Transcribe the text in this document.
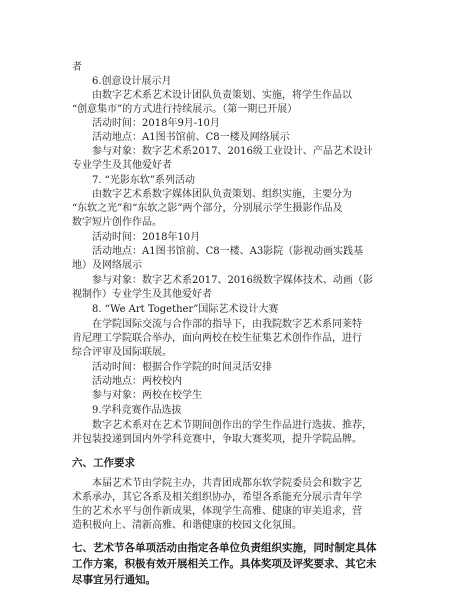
者
6.创意设计展示月
由数字艺术系艺术设计团队负责策划、实施，将学生作品以
“创意集市”的方式进行持续展示。（第一期已开展）
活动时间：2018年9月-10月
活动地点：A1图书馆前、C8一楼及网络展示
参与对象：数字艺术系2017、2016级工业设计、产品艺术设计
专业学生及其他爱好者
7. “光影东软”系列活动
由数字艺术系数字媒体团队负责策划、组织实施，主要分为
“东软之光”和“东软之影”两个部分，分别展示学生摄影作品及
数字短片创作作品。
活动时间：2018年10月
活动地点：A1图书馆前、C8一楼、A3影院（影视动画实践基
地）及网络展示
参与对象：数字艺术系2017、2016级数字媒体技术、动画（影
视制作）专业学生及其他爱好者
8. “We Art Together”国际艺术设计大赛
在学院国际交流与合作部的指导下，由我院数字艺术系同莱特
肯尼理工学院联合举办，面向两校在校生征集艺术创作作品，进行
综合评审及国际联展。
活动时间：根据合作学院的时间灵活安排
活动地点：两校校内
参与对象：两校在校学生
9.学科竞赛作品选拔
数字艺术系对在艺术节期间创作出的学生作品进行选拔、推荐，
并包装投递到国内外学科竞赛中，争取大赛奖项，提升学院品牌。
六、工作要求
本届艺术节由学院主办，共青团成都东软学院委员会和数字艺
术系承办，其它各系及相关组织协办，希望各系能充分展示青年学
生的艺术水平与创作新成果，体现学生高雅、健康的审美追求，营
造积极向上、清新高雅、和谐健康的校园文化氛围。
七、艺术节各单项活动由指定各单位负责组织实施，同时制定具体
工作方案，积极有效开展相关工作。具体奖项及评奖要求、其它未
尽事宜另行通知。
